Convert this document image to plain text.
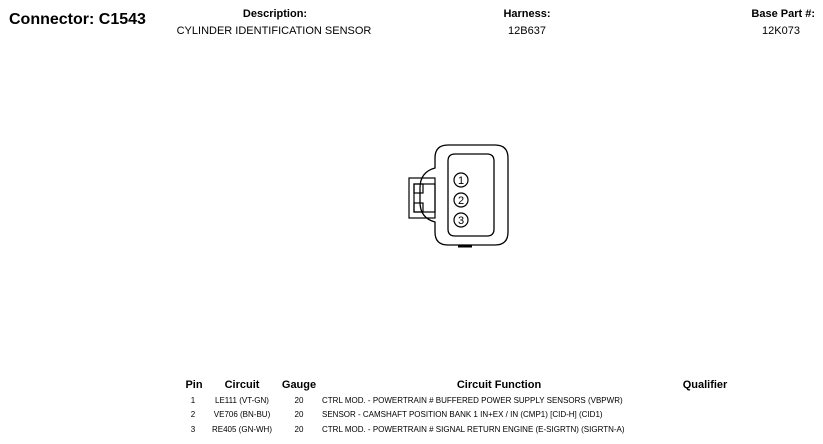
Connector: C1543	Description:
CYLINDER IDENTIFICATION SENSOR
Harness:
12B637
Base Part #:
12K073
1
2
3
Pin Circuit Gauge	Circuit Function	Qualifier
1 LE111 (VT-GN)	20 CTRL MOD. - POWERTRAIN # BUFFERED POWER SUPPLY SENSORS (VBPWR)
2 VE706 (BN-BU)	20 SENSOR - CAMSHAFT POSITION BANK 1 IN+EX / IN (CMP1) [CID-H] (CID1)
3 RE405 (GN-WH)	20 CTRL MOD. - POWERTRAIN # SIGNAL RETURN ENGINE (E-SIGRTN) (SIGRTN-A)
